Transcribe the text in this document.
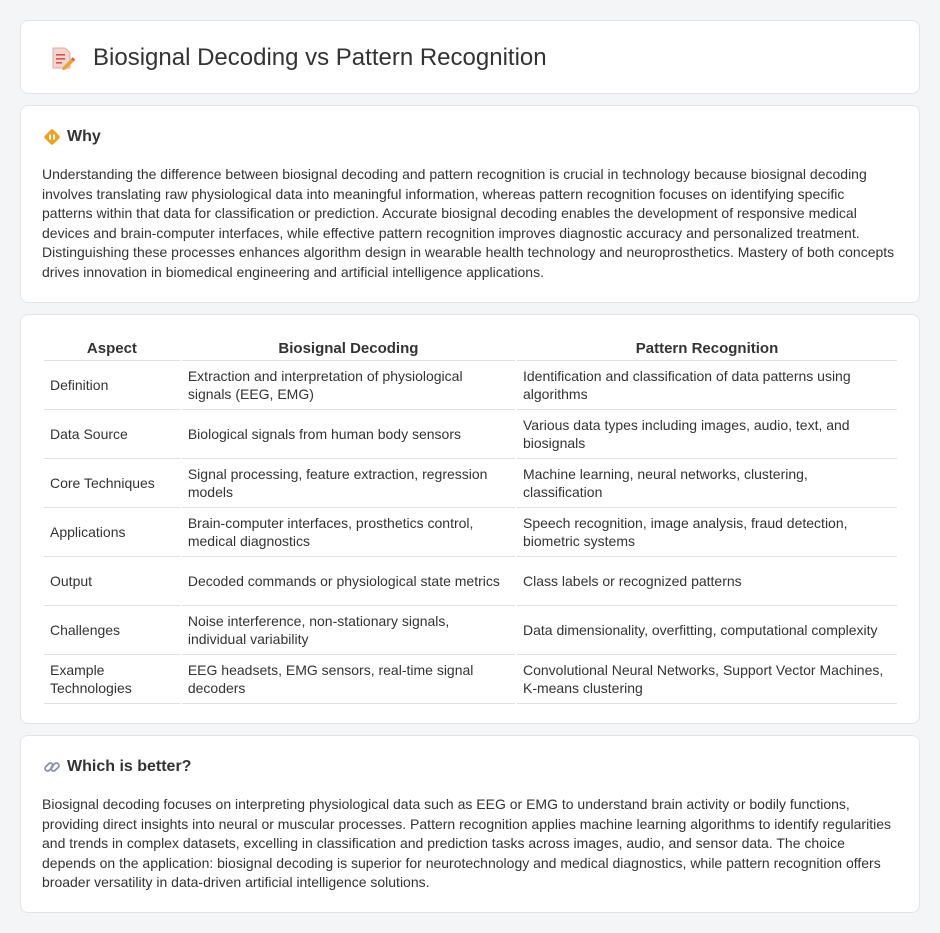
Biosignal Decoding vs Pattern Recognition
Why

Understanding the difference between biosignal decoding and pattern recognition is crucial in technology because biosignal decoding involves translating raw physiological data into meaningful information, whereas pattern recognition focuses on identifying specific patterns within that data for classification or prediction. Accurate biosignal decoding enables the development of responsive medical devices and brain-computer interfaces, while effective pattern recognition improves diagnostic accuracy and personalized treatment. Distinguishing these processes enhances algorithm design in wearable health technology and neuroprosthetics. Mastery of both concepts drives innovation in biomedical engineering and artificial intelligence applications.

Aspect	Biosignal Decoding	Pattern Recognition
Definition	Extraction and interpretation of physiological signals (EEG, EMG)	Identification and classification of data patterns using algorithms
Data Source	Biological signals from human body sensors	Various data types including images, audio, text, and biosignals
Core Techniques	Signal processing, feature extraction, regression models	Machine learning, neural networks, clustering, classification
Applications	Brain-computer interfaces, prosthetics control, medical diagnostics	Speech recognition, image analysis, fraud detection, biometric systems
Output	Decoded commands or physiological state metrics	Class labels or recognized patterns
Challenges	Noise interference, non-stationary signals, individual variability	Data dimensionality, overfitting, computational complexity
Example Technologies	EEG headsets, EMG sensors, real-time signal decoders	Convolutional Neural Networks, Support Vector Machines, K-means clustering
Which is better?

Biosignal decoding focuses on interpreting physiological data such as EEG or EMG to understand brain activity or bodily functions, providing direct insights into neural or muscular processes. Pattern recognition applies machine learning algorithms to identify regularities and trends in complex datasets, excelling in classification and prediction tasks across images, audio, and sensor data. The choice depends on the application: biosignal decoding is superior for neurotechnology and medical diagnostics, while pattern recognition offers broader versatility in data-driven artificial intelligence solutions.
